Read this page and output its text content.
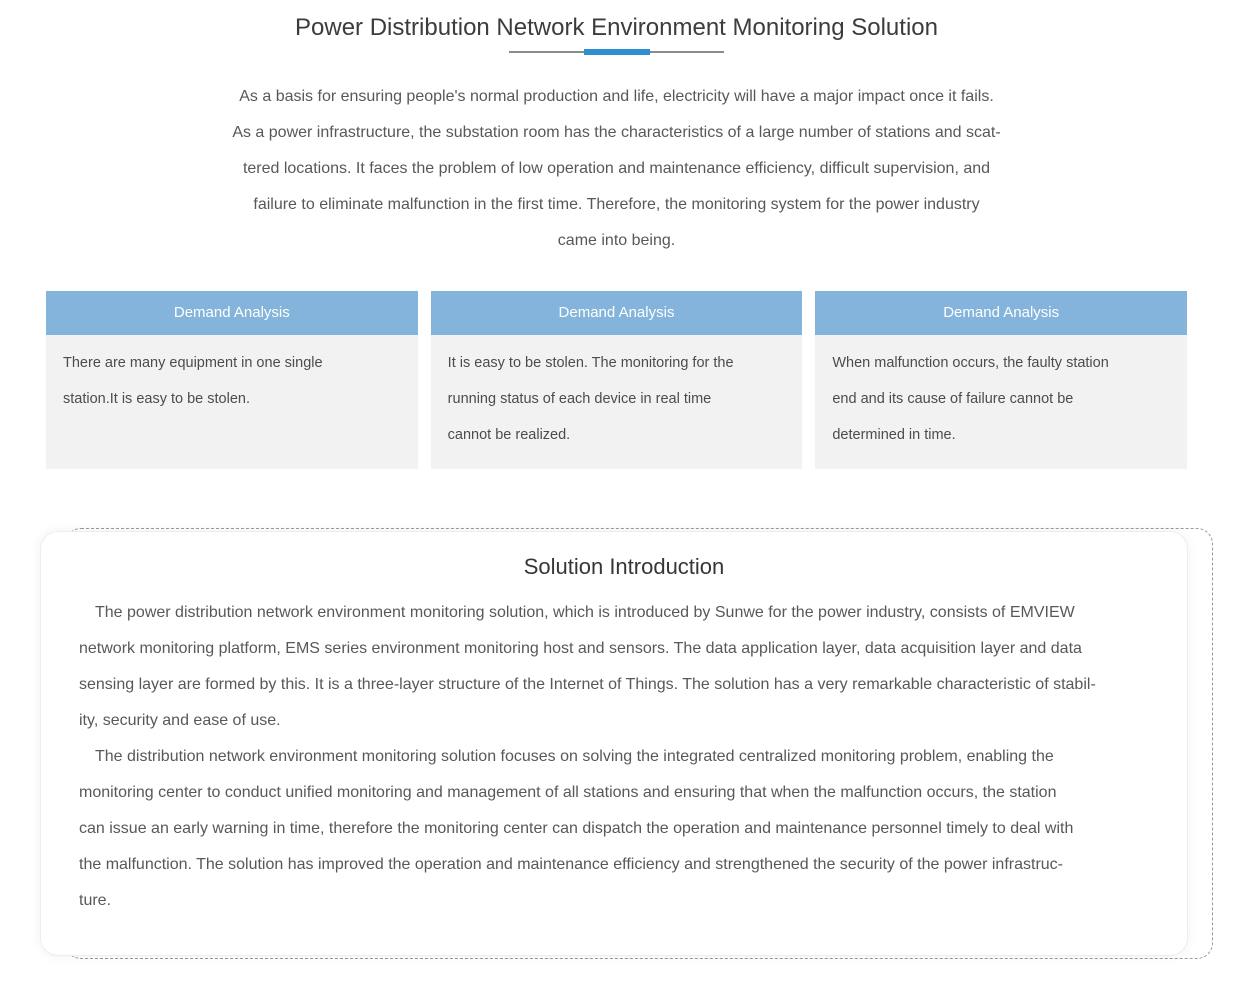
Power Distribution Network Environment Monitoring Solution
As a basis for ensuring people's normal production and life, electricity will have a major impact once it fails.
As a power infrastructure, the substation room has the characteristics of a large number of stations and scat-
tered locations. It faces the problem of low operation and maintenance efficiency, difficult supervision, and
failure to eliminate malfunction in the first time. Therefore, the monitoring system for the power industry
came into being.
Demand Analysis
There are many equipment in one single
station.It is easy to be stolen.
Demand Analysis
It is easy to be stolen. The monitoring for the
running status of each device in real time
cannot be realized.
Demand Analysis
When malfunction occurs, the faulty station
end and its cause of failure cannot be
determined in time.
Solution Introduction
The power distribution network environment monitoring solution, which is introduced by Sunwe for the power industry, consists of EMVIEW
network monitoring platform, EMS series environment monitoring host and sensors. The data application layer, data acquisition layer and data
sensing layer are formed by this. It is a three-layer structure of the Internet of Things. The solution has a very remarkable characteristic of stabil-
ity, security and ease of use.
The distribution network environment monitoring solution focuses on solving the integrated centralized monitoring problem, enabling the
monitoring center to conduct unified monitoring and management of all stations and ensuring that when the malfunction occurs, the station
can issue an early warning in time, therefore the monitoring center can dispatch the operation and maintenance personnel timely to deal with
the malfunction. The solution has improved the operation and maintenance efficiency and strengthened the security of the power infrastruc-
ture.
